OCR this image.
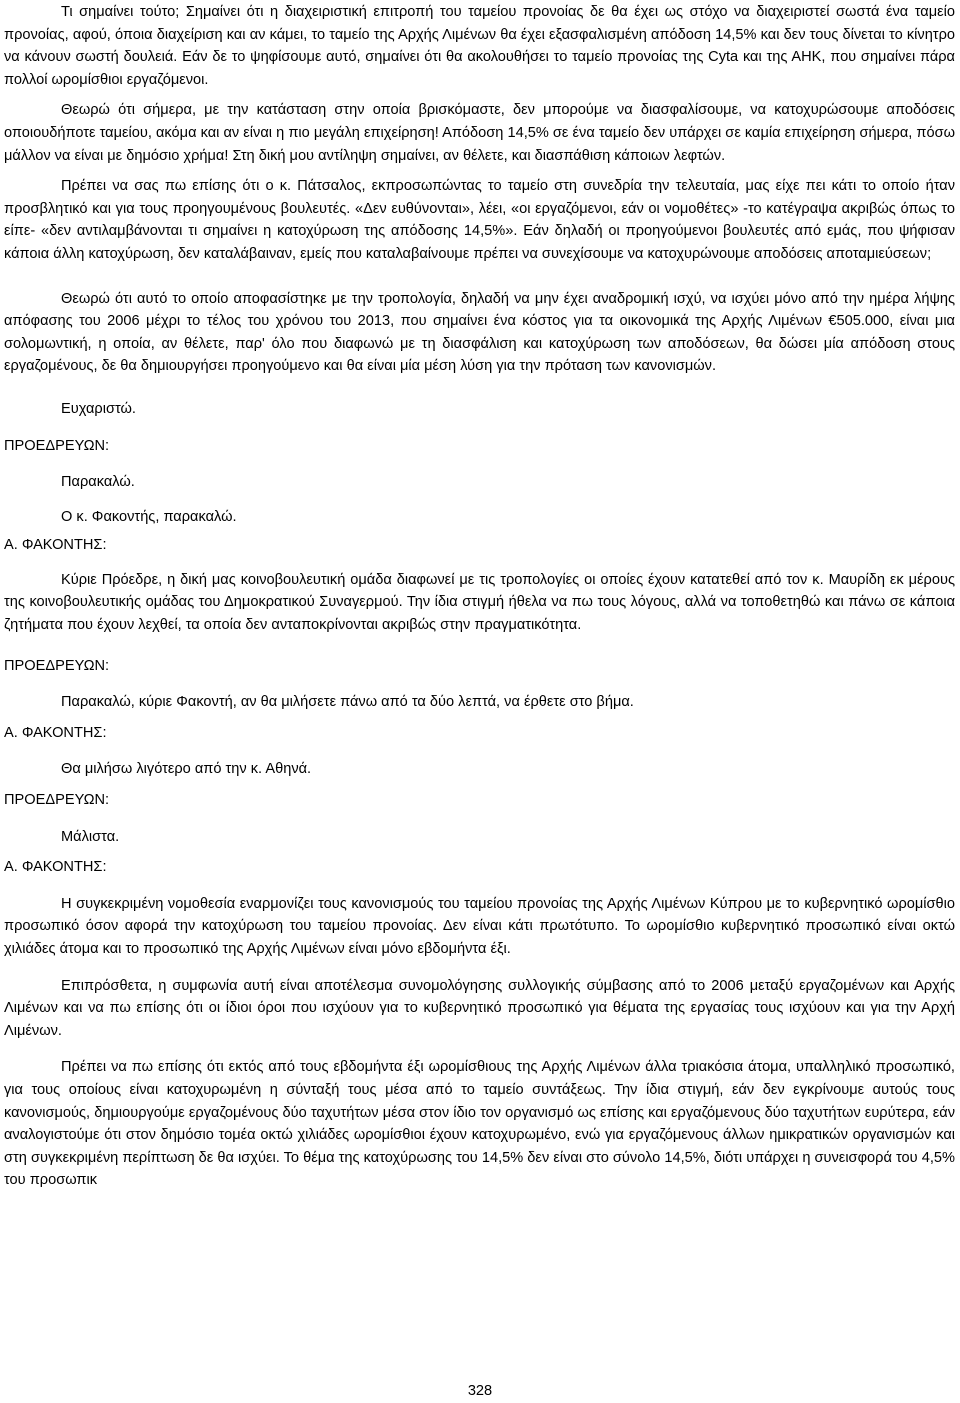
Τι σημαίνει τούτο; Σημαίνει ότι η διαχειριστική επιτροπή του ταμείου προνοίας δε θα έχει ως στόχο να διαχειριστεί σωστά ένα ταμείο προνοίας, αφού, όποια διαχείριση και αν κάμει, το ταμείο της Αρχής Λιμένων θα έχει εξασφαλισμένη απόδοση 14,5% και δεν τους δίνεται το κίνητρο να κάνουν σωστή δουλειά. Εάν δε το ψηφίσουμε αυτό, σημαίνει ότι θα ακολουθήσει το ταμείο προνοίας της Cyta και της ΑΗΚ, που σημαίνει πάρα πολλοί ωρομίσθιοι εργαζόμενοι.

Θεωρώ ότι σήμερα, με την κατάσταση στην οποία βρισκόμαστε, δεν μπορούμε να διασφαλίσουμε, να κατοχυρώσουμε αποδόσεις οποιουδήποτε ταμείου, ακόμα και αν είναι η πιο μεγάλη επιχείρηση! Απόδοση 14,5% σε ένα ταμείο δεν υπάρχει σε καμία επιχείρηση σήμερα, πόσω μάλλον να είναι με δημόσιο χρήμα! Στη δική μου αντίληψη σημαίνει, αν θέλετε, και διασπάθιση κάποιων λεφτών.

Πρέπει να σας πω επίσης ότι ο κ. Πάτσαλος, εκπροσωπώντας το ταμείο στη συνεδρία την τελευταία, μας είχε πει κάτι το οποίο ήταν προσβλητικό και για τους προηγουμένους βουλευτές. «Δεν ευθύνονται», λέει, «οι εργαζόμενοι, εάν οι νομοθέτες» -το κατέγραψα ακριβώς όπως το είπε- «δεν αντιλαμβάνονται τι σημαίνει η κατοχύρωση της απόδοσης 14,5%». Εάν δηλαδή οι προηγούμενοι βουλευτές από εμάς, που ψήφισαν κάποια άλλη κατοχύρωση, δεν καταλάβαιναν, εμείς που καταλαβαίνουμε πρέπει να συνεχίσουμε να κατοχυρώνουμε αποδόσεις αποταμιεύσεων;

Θεωρώ ότι αυτό το οποίο αποφασίστηκε με την τροπολογία, δηλαδή να μην έχει αναδρομική ισχύ, να ισχύει μόνο από την ημέρα λήψης απόφασης του 2006 μέχρι το τέλος του χρόνου του 2013, που σημαίνει ένα κόστος για τα οικονομικά της Αρχής Λιμένων €505.000, είναι μια σολομωντική, η οποία, αν θέλετε, παρ' όλο που διαφωνώ με τη διασφάλιση και κατοχύρωση των αποδόσεων, θα δώσει μία απόδοση στους εργαζομένους, δε θα δημιουργήσει προηγούμενο και θα είναι μία μέση λύση για την πρόταση των κανονισμών.

Ευχαριστώ.

ΠΡΟΕΔΡΕΥΩΝ:

Παρακαλώ.

Ο κ. Φακοντής, παρακαλώ.

Α. ΦΑΚΟΝΤΗΣ:

Κύριε Πρόεδρε, η δική μας κοινοβουλευτική ομάδα διαφωνεί με τις τροπολογίες οι οποίες έχουν κατατεθεί από τον κ. Μαυρίδη εκ μέρους της κοινοβουλευτικής ομάδας του Δημοκρατικού Συναγερμού. Την ίδια στιγμή ήθελα να πω τους λόγους, αλλά να τοποθετηθώ και πάνω σε κάποια ζητήματα που έχουν λεχθεί, τα οποία δεν ανταποκρίνονται ακριβώς στην πραγματικότητα.

ΠΡΟΕΔΡΕΥΩΝ:

Παρακαλώ, κύριε Φακοντή, αν θα μιλήσετε πάνω από τα δύο λεπτά, να έρθετε στο βήμα.

Α. ΦΑΚΟΝΤΗΣ:

Θα μιλήσω λιγότερο από την κ. Αθηνά.

ΠΡΟΕΔΡΕΥΩΝ:

Μάλιστα.

Α. ΦΑΚΟΝΤΗΣ:

Η συγκεκριμένη νομοθεσία εναρμονίζει τους κανονισμούς του ταμείου προνοίας της Αρχής Λιμένων Κύπρου με το κυβερνητικό ωρομίσθιο προσωπικό όσον αφορά την κατοχύρωση του ταμείου προνοίας. Δεν είναι κάτι πρωτότυπο. Το ωρομίσθιο κυβερνητικό προσωπικό είναι οκτώ χιλιάδες άτομα και το προσωπικό της Αρχής Λιμένων είναι μόνο εβδομήντα έξι.

Επιπρόσθετα, η συμφωνία αυτή είναι αποτέλεσμα συνομολόγησης συλλογικής σύμβασης από το 2006 μεταξύ εργαζομένων και Αρχής Λιμένων και να πω επίσης ότι οι ίδιοι όροι που ισχύουν για το κυβερνητικό προσωπικό για θέματα της εργασίας τους ισχύουν και για την Αρχή Λιμένων.

Πρέπει να πω επίσης ότι εκτός από τους εβδομήντα έξι ωρομίσθιους της Αρχής Λιμένων άλλα τριακόσια άτομα, υπαλληλικό προσωπικό, για τους οποίους είναι κατοχυρωμένη η σύνταξή τους μέσα από το ταμείο συντάξεως. Την ίδια στιγμή, εάν δεν εγκρίνουμε αυτούς τους κανονισμούς, δημιουργούμε εργαζομένους δύο ταχυτήτων μέσα στον ίδιο τον οργανισμό ως επίσης και εργαζόμενους δύο ταχυτήτων ευρύτερα, εάν αναλογιστούμε ότι στον δημόσιο τομέα οκτώ χιλιάδες ωρομίσθιοι έχουν κατοχυρωμένο, ενώ για εργαζόμενους άλλων ημικρατικών οργανισμών και στη συγκεκριμένη περίπτωση δε θα ισχύει. Το θέμα της κατοχύρωσης του 14,5% δεν είναι στο σύνολο 14,5%, διότι υπάρχει η συνεισφορά του 4,5% του προσωπικ

328
